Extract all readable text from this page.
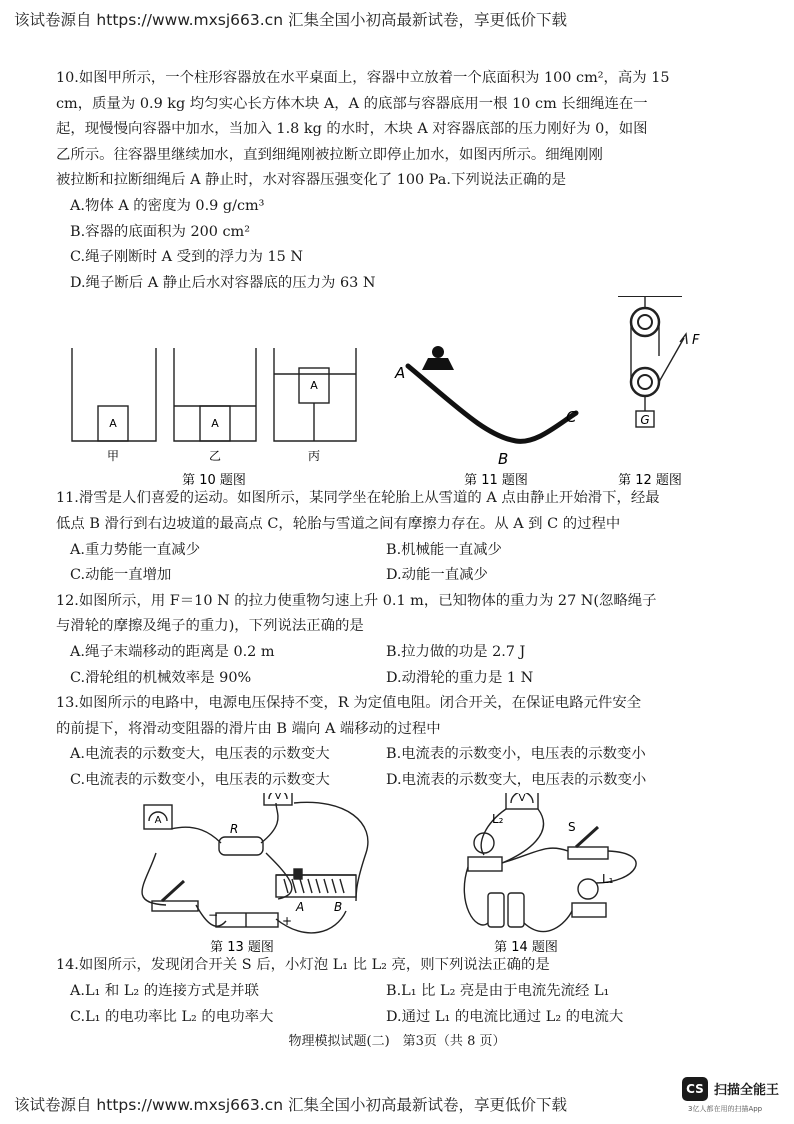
该试卷源自 https://www.mxsj663.cn 汇集全国小初高最新试卷，享更低价下载

10.如图甲所示，一个柱形容器放在水平桌面上，容器中立放着一个底面积为 100 cm²，高为 15

cm，质量为 0.9 kg 均匀实心长方体木块 A，A 的底部与容器底用一根 10 cm 长细绳连在一

起，现慢慢向容器中加水，当加入 1.8 kg 的水时，木块 A 对容器底部的压力刚好为 0，如图

乙所示。往容器里继续加水，直到细绳刚被拉断立即停止加水，如图丙所示。细绳刚刚

被拉断和拉断细绳后 A 静止时，水对容器压强变化了 100 Pa.下列说法正确的是

A.物体 A 的密度为 0.9 g/cm³

B.容器的底面积为 200 cm²

C.绳子刚断时 A 受到的浮力为 15 N

D.绳子断后 A 静止后水对容器底的压力为 63 N

A
甲
A
乙
A
丙
第 10 题图
A
B
C
第 11 题图
F
G
第 12 题图

11.滑雪是人们喜爱的运动。如图所示，某同学坐在轮胎上从雪道的 A 点由静止开始滑下，经最

低点 B 滑行到右边坡道的最高点 C，轮胎与雪道之间有摩擦力存在。从 A 到 C 的过程中

A.重力势能一直减少	B.机械能一直减少
C.动能一直增加	D.动能一直减少

12.如图所示，用 F＝10 N 的拉力使重物匀速上升 0.1 m，已知物体的重力为 27 N(忽略绳子

与滑轮的摩擦及绳子的重力)，下列说法正确的是

A.绳子末端移动的距离是 0.2 m	B.拉力做的功是 2.7 J
C.滑轮组的机械效率是 90%	D.动滑轮的重力是 1 N

13.如图所示的电路中，电源电压保持不变，R 为定值电阻。闭合开关，在保证电路元件安全

的前提下，将滑动变阻器的滑片由 B 端向 A 端移动的过程中

A.电流表的示数变大，电压表的示数变大	B.电流表的示数变小，电压表的示数变小
C.电流表的示数变小，电压表的示数变大	D.电流表的示数变大，电压表的示数变小
A
V
R
A B
−	+
第 13 题图
V
L₂
L₁
S
第 14 题图

14.如图所示，发现闭合开关 S 后，小灯泡 L₁ 比 L₂ 亮，则下列说法正确的是

A.L₁ 和 L₂ 的连接方式是并联	B.L₁ 比 L₂ 亮是由于电流先流经 L₁
C.L₁ 的电功率比 L₂ 的电功率大	D.通过 L₁ 的电流比通过 L₂ 的电流大
物理模拟试题(二)　第3页（共 8 页）
该试卷源自 https://www.mxsj663.cn 汇集全国小初高最新试卷，享更低价下载
CS 扫描全能王
3亿人都在用的扫描App
